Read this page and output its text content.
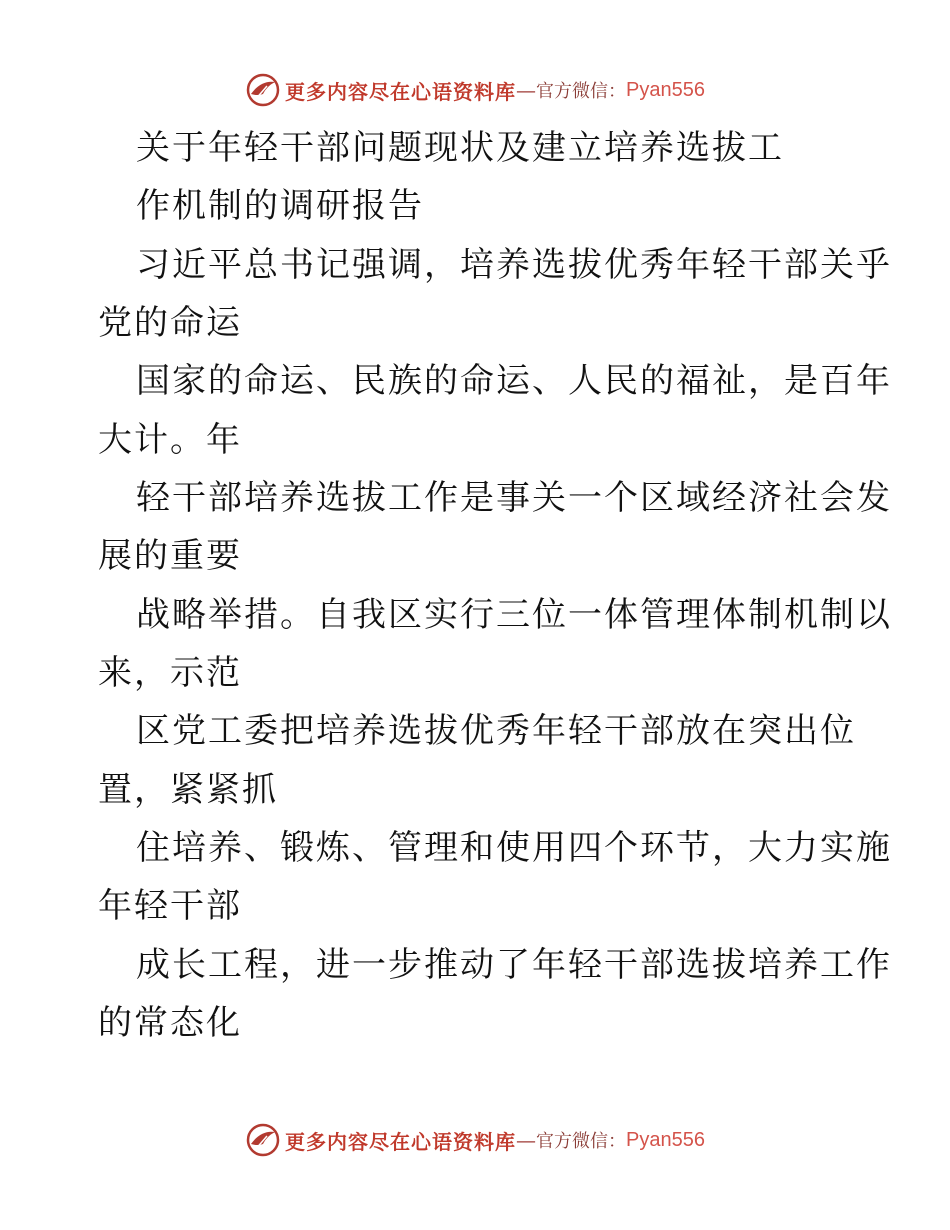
更多内容尽在心语资料库 — 官方微信： Pyan556
关于年轻干部问题现状及建立培养选拔工
作机制的调研报告
习近平总书记强调，培养选拔优秀年轻干部关乎
党的命运
国家的命运、民族的命运、人民的福祉，是百年
大计。年
轻干部培养选拔工作是事关一个区域经济社会发
展的重要
战略举措。自我区实行三位一体管理体制机制以
来，示范
区党工委把培养选拔优秀年轻干部放在突出位
置，紧紧抓
住培养、锻炼、管理和使用四个环节，大力实施
年轻干部
成长工程，进一步推动了年轻干部选拔培养工作
的常态化
更多内容尽在心语资料库 — 官方微信： Pyan556
